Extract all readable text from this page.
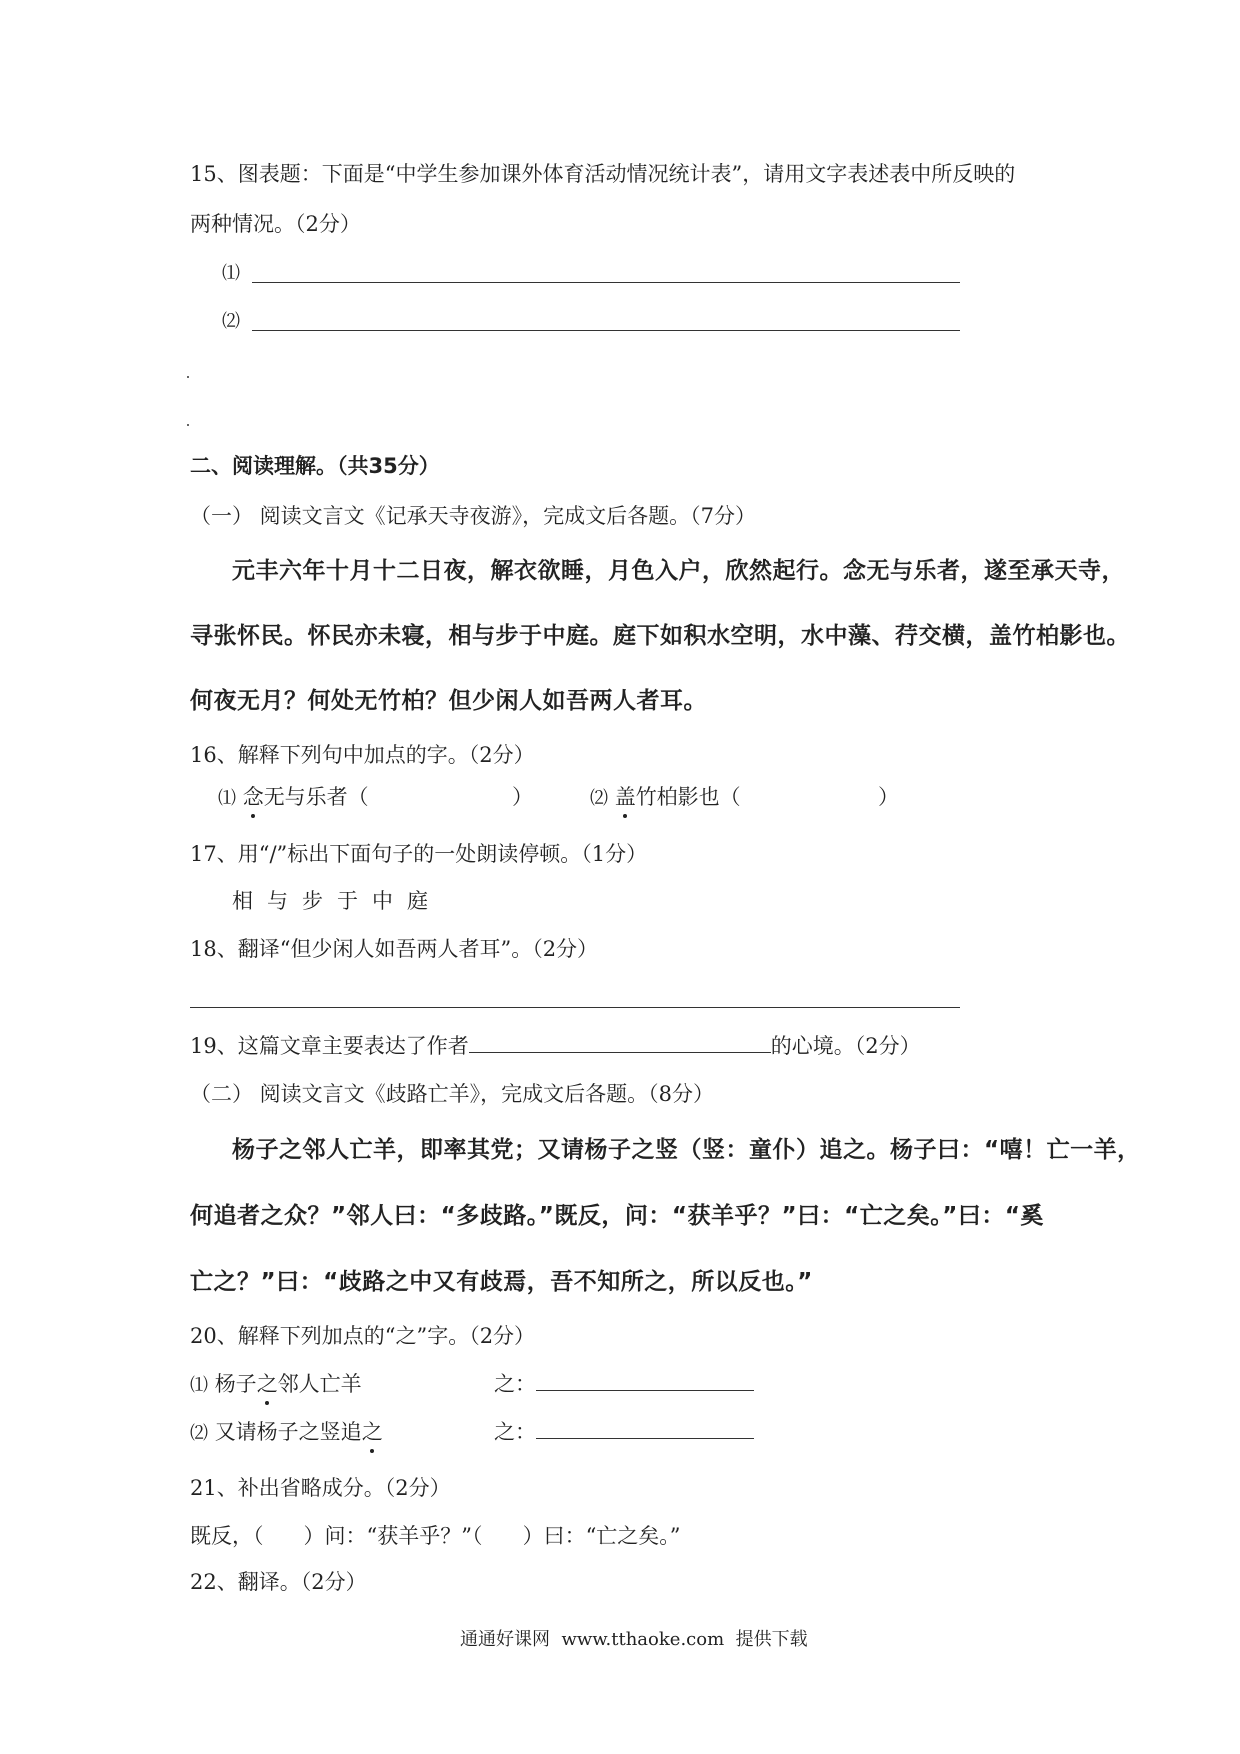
15、图表题：下面是“中学生参加课外体育活动情况统计表”，请用文字表述表中所反映的
两种情况。（2分）
⑴
⑵
二、阅读理解。（共35分）
（一） 阅读文言文《记承天寺夜游》，完成文后各题。（7分）
元丰六年十月十二日夜，解衣欲睡，月色入户，欣然起行。念无与乐者，遂至承天寺，
寻张怀民。怀民亦未寝，相与步于中庭。庭下如积水空明，水中藻、荇交横，盖竹柏影也。
何夜无月？何处无竹柏？但少闲人如吾两人者耳。
16、解释下列句中加点的字。（2分）
⑴ 念无与乐者（	）	⑵ 盖竹柏影也（	）
17、用“/”标出下面句子的一处朗读停顿。（1分）
相 与 步 于 中 庭
18、翻译“但少闲人如吾两人者耳”。（2分）
19、这篇文章主要表达了作者	的心境。（2分）
（二） 阅读文言文《歧路亡羊》，完成文后各题。（8分）
杨子之邻人亡羊，即率其党；又请杨子之竖（竖：童仆）追之。杨子曰：“嘻！亡一羊，
何追者之众？”邻人曰：“多歧路。”既反，问：“获羊乎？”曰：“亡之矣。”曰：“奚
亡之？”曰：“歧路之中又有歧焉，吾不知所之，所以反也。”
20、解释下列加点的“之”字。（2分）
⑴ 杨子之邻人亡羊	之：
⑵ 又请杨子之竖追之	之：
21、补出省略成分。（2分）
既反，（      ）问：“获羊乎？”（      ）曰：“亡之矣。”
22、翻译。（2分）
通通好课网  www.tthaoke.com  提供下载
